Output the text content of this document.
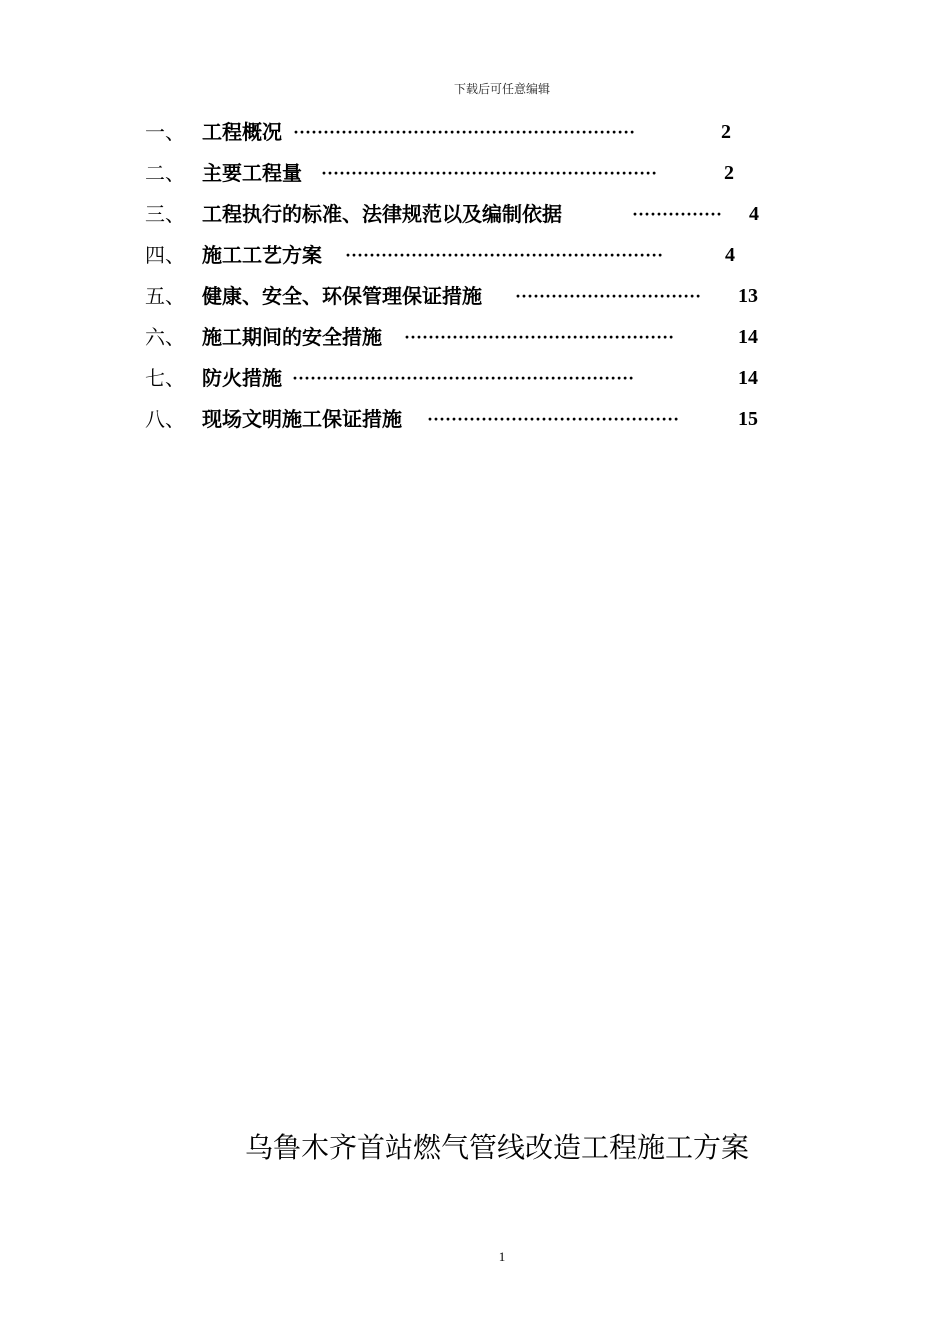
下载后可任意编辑
一、 工程概况 ·························································	2
二、 主要工程量 ························································	2
三、 工程执行的标准、法律规范以及编制依据	···············	4
四、 施工工艺方案 ·····················································	4
五、 健康、安全、环保管理保证措施 ·······························	13
六、 施工期间的安全措施 ·············································	14
七、 防火措施 ·························································	14
八、 现场文明施工保证措施 ··········································	15
乌鲁木齐首站燃气管线改造工程施工方案
1
